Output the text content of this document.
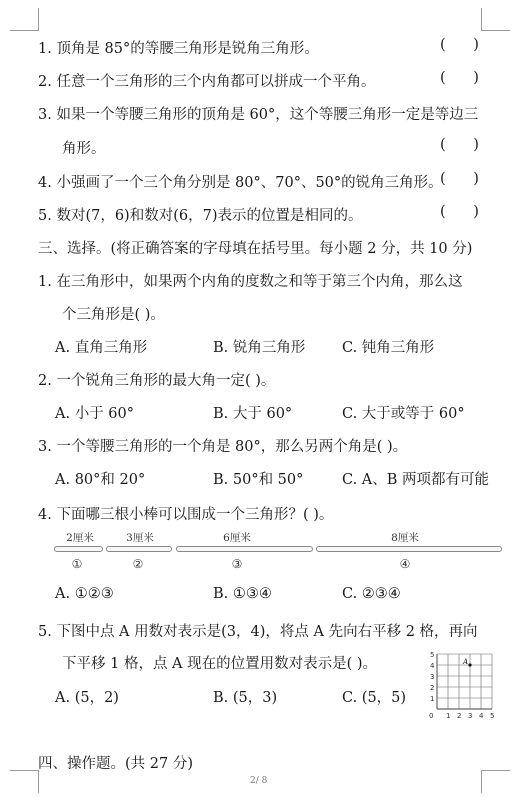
1. 顶角是 85°的等腰三角形是锐角三角形。	(      )
2. 任意一个三角形的三个内角都可以拼成一个平角。	(      )
3. 如果一个等腰三角形的顶角是 60°，这个等腰三角形一定是等边三
角形。	(      )
4. 小强画了一个三个角分别是 80°、70°、50°的锐角三角形。
(      )
5. 数对(7，6)和数对(6，7)表示的位置是相同的。	(      )
三、选择。(将正确答案的字母填在括号里。每小题 2 分，共 10 分)
1. 在三角形中，如果两个内角的度数之和等于第三个内角，那么这
个三角形是( )。
A. 直角三角形	B. 锐角三角形	C. 钝角三角形
2. 一个锐角三角形的最大角一定( )。
A. 小于 60°	B. 大于 60°	C. 大于或等于 60°
3. 一个等腰三角形的一个角是 80°，那么另两个角是( )。
A. 80°和 20°	B. 50°和 50°	C. A、B 两项都有可能
4. 下面哪三根小棒可以围成一个三角形？( )。
2厘米	3厘米	6厘米	8厘米
①	②	③	④
A. ①②③	B. ①③④	C. ②③④
5. 下图中点 A 用数对表示是(3，4)，将点 A 先向右平移 2 格，再向
下平移 1 格，点 A 现在的位置用数对表示是( )。
A. (5，2)	B. (5，3)	C. (5，5)
5
4
3
2
1
1 2 3 4 5
0
A
四、操作题。(共 27 分)
2/ 8
